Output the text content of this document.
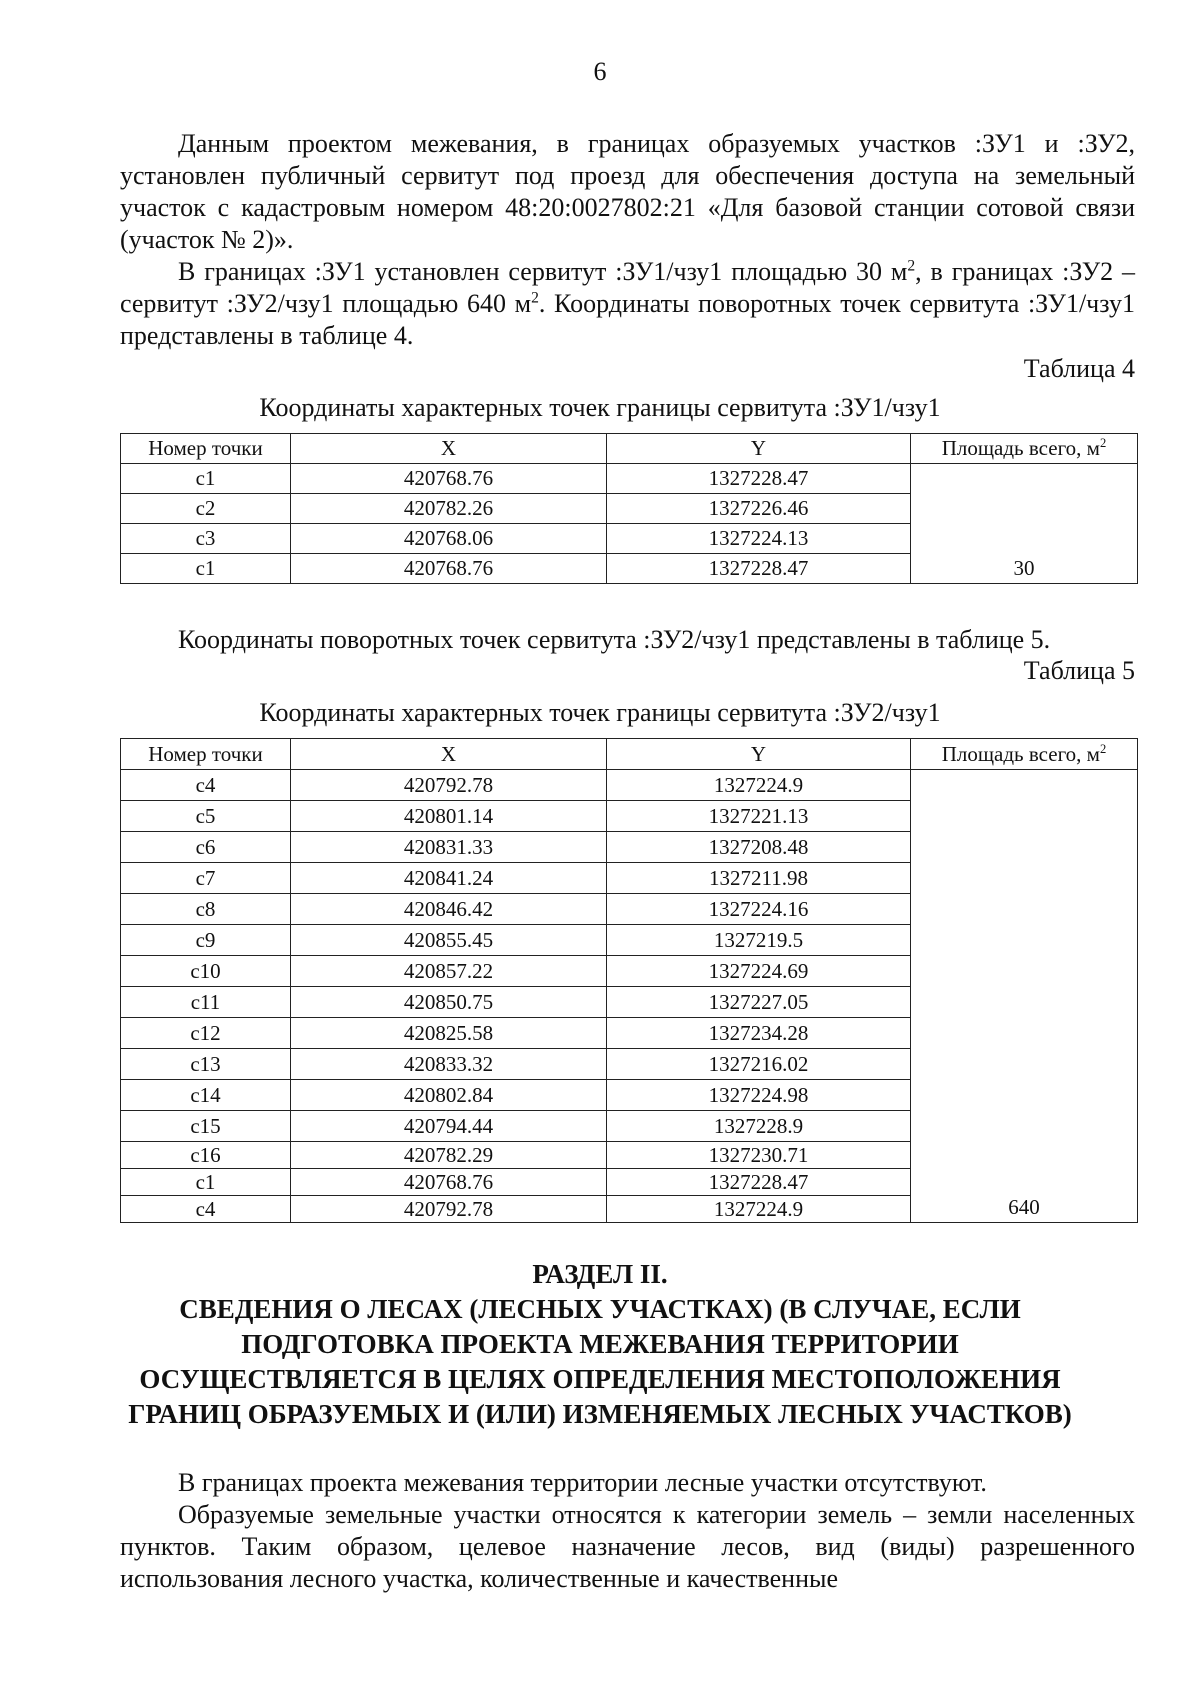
6

Данным проектом межевания, в границах образуемых участков :ЗУ1 и :ЗУ2, установлен публичный сервитут под проезд для обеспечения доступа на земельный участок с кадастровым номером 48:20:0027802:21 «Для базовой станции сотовой связи (участок № 2)».

В границах :ЗУ1 установлен сервитут :ЗУ1/чзу1 площадью 30 $м^2$, в границах :ЗУ2 – сервитут :ЗУ2/чзу1 площадью 640 $м^2$. Координаты поворотных точек сервитута :ЗУ1/чзу1 представлены в таблице 4.

Таблица 4
Координаты характерных точек границы сервитута :ЗУ1/чзу1
Номер точки	X	Y	Площадь всего, $м^2$
с1	420768.76	1327228.47	30
с2	420782.26	1327226.46	
с3	420768.06	1327224.13	
с1	420768.76	1327228.47	
Координаты поворотных точек сервитута :ЗУ2/чзу1 представлены в таблице 5.
Таблица 5
Координаты характерных точек границы сервитута :ЗУ2/чзу1
Номер точки	X	Y	Площадь всего, $м^2$
с4	420792.78	1327224.9	640
с5	420801.14	1327221.13	
с6	420831.33	1327208.48	
с7	420841.24	1327211.98	
с8	420846.42	1327224.16	
с9	420855.45	1327219.5	
с10	420857.22	1327224.69	
с11	420850.75	1327227.05	
с12	420825.58	1327234.28	
с13	420833.32	1327216.02	
с14	420802.84	1327224.98	
с15	420794.44	1327228.9	
с16	420782.29	1327230.71	
с1	420768.76	1327228.47	
с4	420792.78	1327224.9	
РАЗДЕЛ II.
СВЕДЕНИЯ О ЛЕСАХ (ЛЕСНЫХ УЧАСТКАХ) (В СЛУЧАЕ, ЕСЛИ
ПОДГОТОВКА ПРОЕКТА МЕЖЕВАНИЯ ТЕРРИТОРИИ
ОСУЩЕСТВЛЯЕТСЯ В ЦЕЛЯХ ОПРЕДЕЛЕНИЯ МЕСТОПОЛОЖЕНИЯ
ГРАНИЦ ОБРАЗУЕМЫХ И (ИЛИ) ИЗМЕНЯЕМЫХ ЛЕСНЫХ УЧАСТКОВ)

В границах проекта межевания территории лесные участки отсутствуют.

Образуемые земельные участки относятся к категории земель – земли населенных пунктов. Таким образом, целевое назначение лесов, вид (виды) разрешенного использования лесного участка, количественные и качественные
